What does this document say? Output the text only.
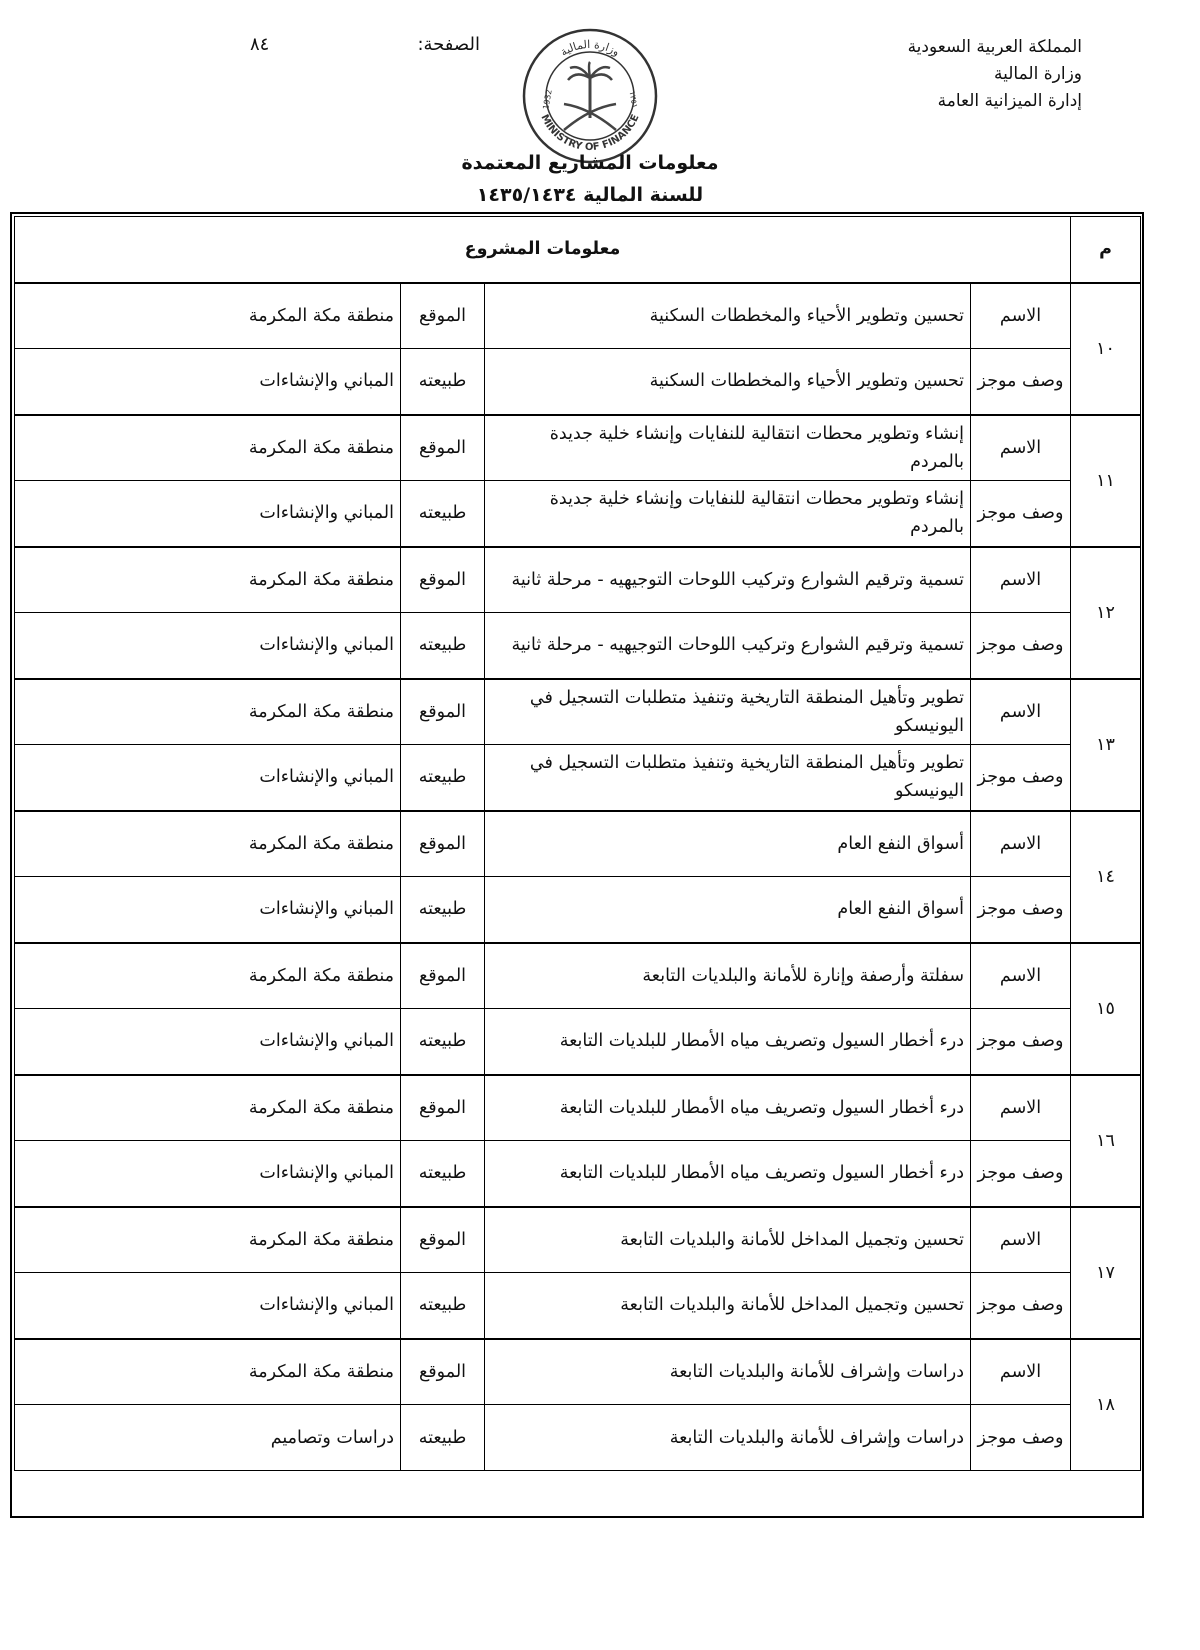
المملكة العربية السعودية
وزارة المالية
إدارة الميزانية العامة
الصفحة:
٨٤	وزارة المالية
MINISTRY OF FINANCE
1932	١٣٥١
معلومات المشاريع المعتمدة
للسنة المالية ١٤٣٥/١٤٣٤
م	معلومات المشروع			
١٠	الاسم	تحسين وتطوير الأحياء والمخططات السكنية	الموقع	منطقة مكة المكرمة
	وصف موجز	تحسين وتطوير الأحياء والمخططات السكنية	طبيعته	المباني والإنشاءات
١١	الاسم	إنشاء وتطوير محطات انتقالية للنفايات وإنشاء خلية جديدة بالمردم	الموقع	منطقة مكة المكرمة
	وصف موجز	إنشاء وتطوير محطات انتقالية للنفايات وإنشاء خلية جديدة بالمردم	طبيعته	المباني والإنشاءات
١٢	الاسم	تسمية وترقيم الشوارع وتركيب اللوحات التوجيهيه - مرحلة ثانية	الموقع	منطقة مكة المكرمة
	وصف موجز	تسمية وترقيم الشوارع وتركيب اللوحات التوجيهيه - مرحلة ثانية	طبيعته	المباني والإنشاءات
١٣	الاسم	تطوير وتأهيل المنطقة التاريخية وتنفيذ متطلبات التسجيل في اليونيسكو	الموقع	منطقة مكة المكرمة
	وصف موجز	تطوير وتأهيل المنطقة التاريخية وتنفيذ متطلبات التسجيل في اليونيسكو	طبيعته	المباني والإنشاءات
١٤	الاسم	أسواق النفع العام	الموقع	منطقة مكة المكرمة
	وصف موجز	أسواق النفع العام	طبيعته	المباني والإنشاءات
١٥	الاسم	سفلتة وأرصفة وإنارة للأمانة والبلديات التابعة	الموقع	منطقة مكة المكرمة
	وصف موجز	درء أخطار السيول وتصريف مياه الأمطار للبلديات التابعة	طبيعته	المباني والإنشاءات
١٦	الاسم	درء أخطار السيول وتصريف مياه الأمطار للبلديات التابعة	الموقع	منطقة مكة المكرمة
	وصف موجز	درء أخطار السيول وتصريف مياه الأمطار للبلديات التابعة	طبيعته	المباني والإنشاءات
١٧	الاسم	تحسين وتجميل المداخل للأمانة والبلديات التابعة	الموقع	منطقة مكة المكرمة
	وصف موجز	تحسين وتجميل المداخل للأمانة والبلديات التابعة	طبيعته	المباني والإنشاءات
١٨	الاسم	دراسات وإشراف للأمانة والبلديات التابعة	الموقع	منطقة مكة المكرمة
	وصف موجز	دراسات وإشراف للأمانة والبلديات التابعة	طبيعته	دراسات وتصاميم
